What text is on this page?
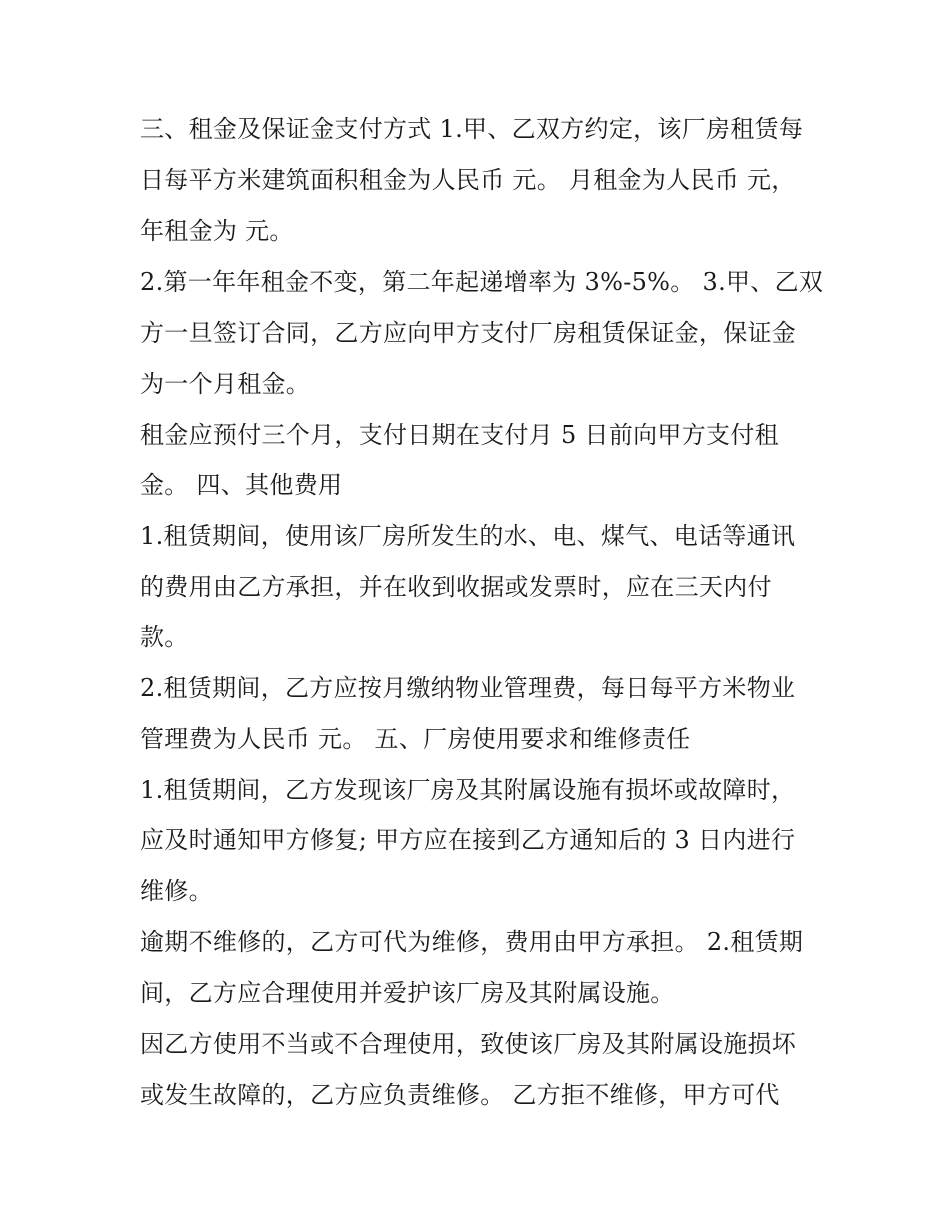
三、租金及保证金支付方式 1.甲、乙双方约定，该厂房租赁每
日每平方米建筑面积租金为人民币 元。 月租金为人民币 元，
年租金为 元。
2.第一年年租金不变，第二年起递增率为 3%-5%。 3.甲、乙双
方一旦签订合同，乙方应向甲方支付厂房租赁保证金，保证金
为一个月租金。
租金应预付三个月，支付日期在支付月 5 日前向甲方支付租
金。 四、其他费用
1.租赁期间，使用该厂房所发生的水、电、煤气、电话等通讯
的费用由乙方承担，并在收到收据或发票时，应在三天内付
款。
2.租赁期间，乙方应按月缴纳物业管理费，每日每平方米物业
管理费为人民币 元。 五、厂房使用要求和维修责任
1.租赁期间，乙方发现该厂房及其附属设施有损坏或故障时，
应及时通知甲方修复; 甲方应在接到乙方通知后的 3 日内进行
维修。
逾期不维修的，乙方可代为维修，费用由甲方承担。 2.租赁期
间，乙方应合理使用并爱护该厂房及其附属设施。
因乙方使用不当或不合理使用，致使该厂房及其附属设施损坏
或发生故障的，乙方应负责维修。 乙方拒不维修，甲方可代
